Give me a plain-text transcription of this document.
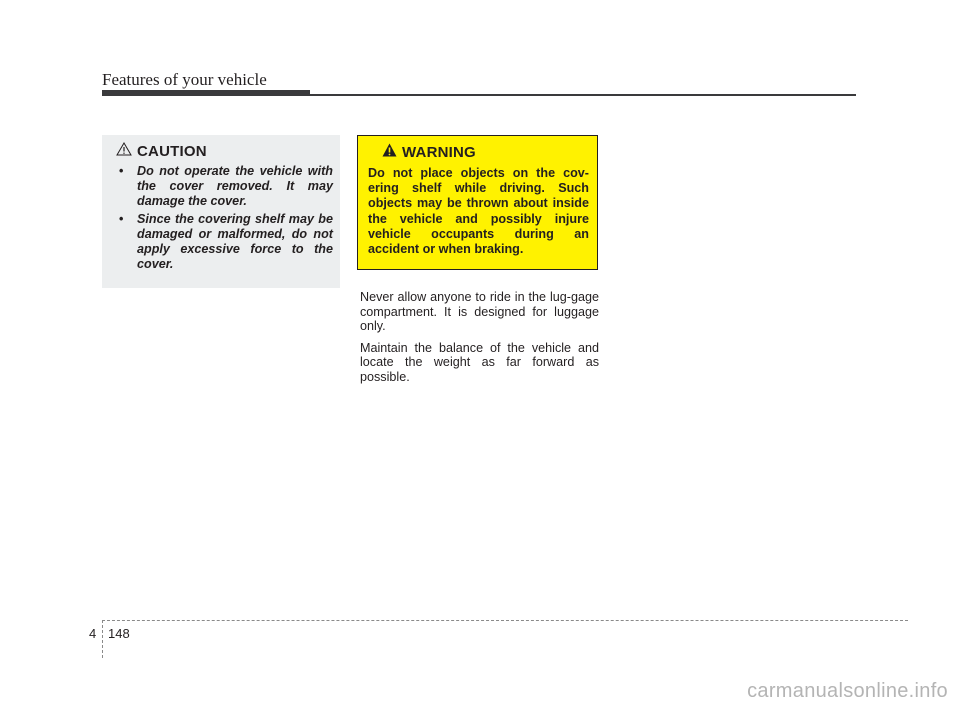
Features of your vehicle
CAUTION
• Do not operate the vehicle with the cover removed. It may damage the cover.
• Since the covering shelf may be damaged or malformed, do not apply excessive force to the cover.
WARNING

Do not place objects on the cov-ering shelf while driving. Such objects may be thrown about inside the vehicle and possibly injure vehicle occupants during an accident or when braking.

Never allow anyone to ride in the lug-gage compartment. It is designed for luggage only.

Maintain the balance of the vehicle and locate the weight as far forward as possible.

4 148
carmanualsonline.info
